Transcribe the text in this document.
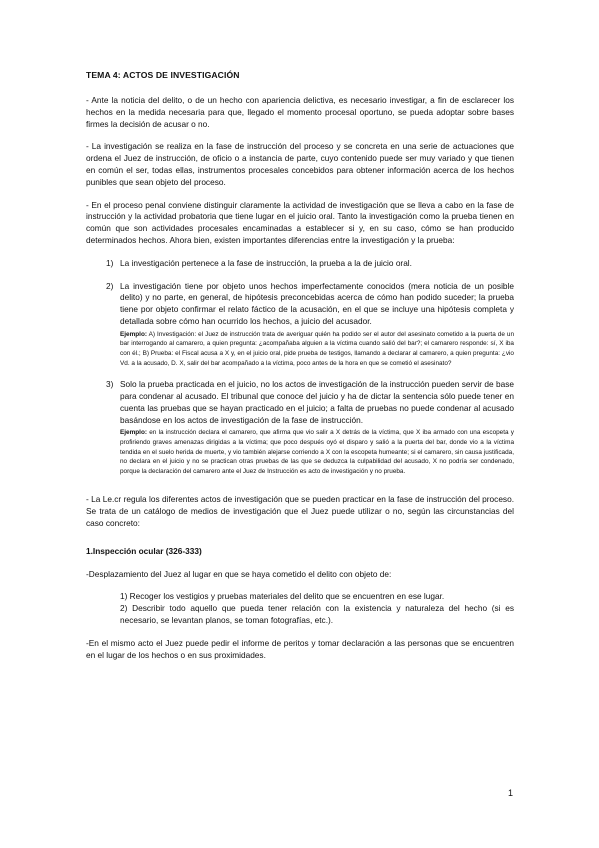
TEMA 4: ACTOS DE INVESTIGACIÓN

- Ante la noticia del delito, o de un hecho con apariencia delictiva, es necesario investigar, a fin de esclarecer los hechos en la medida necesaria para que, llegado el momento procesal oportuno, se pueda adoptar sobre bases firmes la decisión de acusar o no.

- La investigación se realiza en la fase de instrucción del proceso y se concreta en una serie de actuaciones que ordena el Juez de instrucción, de oficio o a instancia de parte, cuyo contenido puede ser muy variado y que tienen en común el ser, todas ellas, instrumentos procesales concebidos para obtener información acerca de los hechos punibles que sean objeto del proceso.

- En el proceso penal conviene distinguir claramente la actividad de investigación que se lleva a cabo en la fase de instrucción y la actividad probatoria que tiene lugar en el juicio oral. Tanto la investigación como la prueba tienen en común que son actividades procesales encaminadas a establecer si y, en su caso, cómo se han producido determinados hechos. Ahora bien, existen importantes diferencias entre la investigación y la prueba:

1) La investigación pertenece a la fase de instrucción, la prueba a la de juicio oral.
2) La investigación tiene por objeto unos hechos imperfectamente conocidos (mera noticia de un posible delito) y no parte, en general, de hipótesis preconcebidas acerca de cómo han podido suceder; la prueba tiene por objeto confirmar el relato fáctico de la acusación, en el que se incluye una hipótesis completa y detallada sobre cómo han ocurrido los hechos, a juicio del acusador.
Ejemplo: A) Investigación: el Juez de instrucción trata de averiguar quién ha podido ser el autor del asesinato cometido a la puerta de un bar interrogando al camarero, a quien pregunta: ¿acompañaba alguien a la víctima cuando salió del bar?; el camarero responde: sí, X iba con él.; B) Prueba: el Fiscal acusa a X y, en el juicio oral, pide prueba de testigos, llamando a declarar al camarero, a quien pregunta: ¿vio Vd. a la acusado, D. X, salir del bar acompañado a la víctima, poco antes de la hora en que se cometió el asesinato?
3) Solo la prueba practicada en el juicio, no los actos de investigación de la instrucción pueden servir de base para condenar al acusado. El tribunal que conoce del juicio y ha de dictar la sentencia sólo puede tener en cuenta las pruebas que se hayan practicado en el juicio; a falta de pruebas no puede condenar al acusado basándose en los actos de investigación de la fase de instrucción.
Ejemplo: en la instrucción declara el camarero, que afirma que vio salir a X detrás de la víctima, que X iba armado con una escopeta y profiriendo graves amenazas dirigidas a la víctima; que poco después oyó el disparo y salió a la puerta del bar, donde vio a la víctima tendida en el suelo herida de muerte, y vio también alejarse corriendo a X con la escopeta humeante; si el camarero, sin causa justificada, no declara en el juicio y no se practican otras pruebas de las que se deduzca la culpabilidad del acusado, X no podría ser condenado, porque la declaración del camarero ante el Juez de Instrucción es acto de investigación y no prueba.

- La Le.cr regula los diferentes actos de investigación que se pueden practicar en la fase de instrucción del proceso. Se trata de un catálogo de medios de investigación que el Juez puede utilizar o no, según las circunstancias del caso concreto:

1.Inspección ocular (326-333)

-Desplazamiento del Juez al lugar en que se haya cometido el delito con objeto de:

1) Recoger los vestigios y pruebas materiales del delito que se encuentren en ese lugar.
2) Describir todo aquello que pueda tener relación con la existencia y naturaleza del hecho (si es necesario, se levantan planos, se toman fotografías, etc.).

-En el mismo acto el Juez puede pedir el informe de peritos y tomar declaración a las personas que se encuentren en el lugar de los hechos o en sus proximidades.

1
